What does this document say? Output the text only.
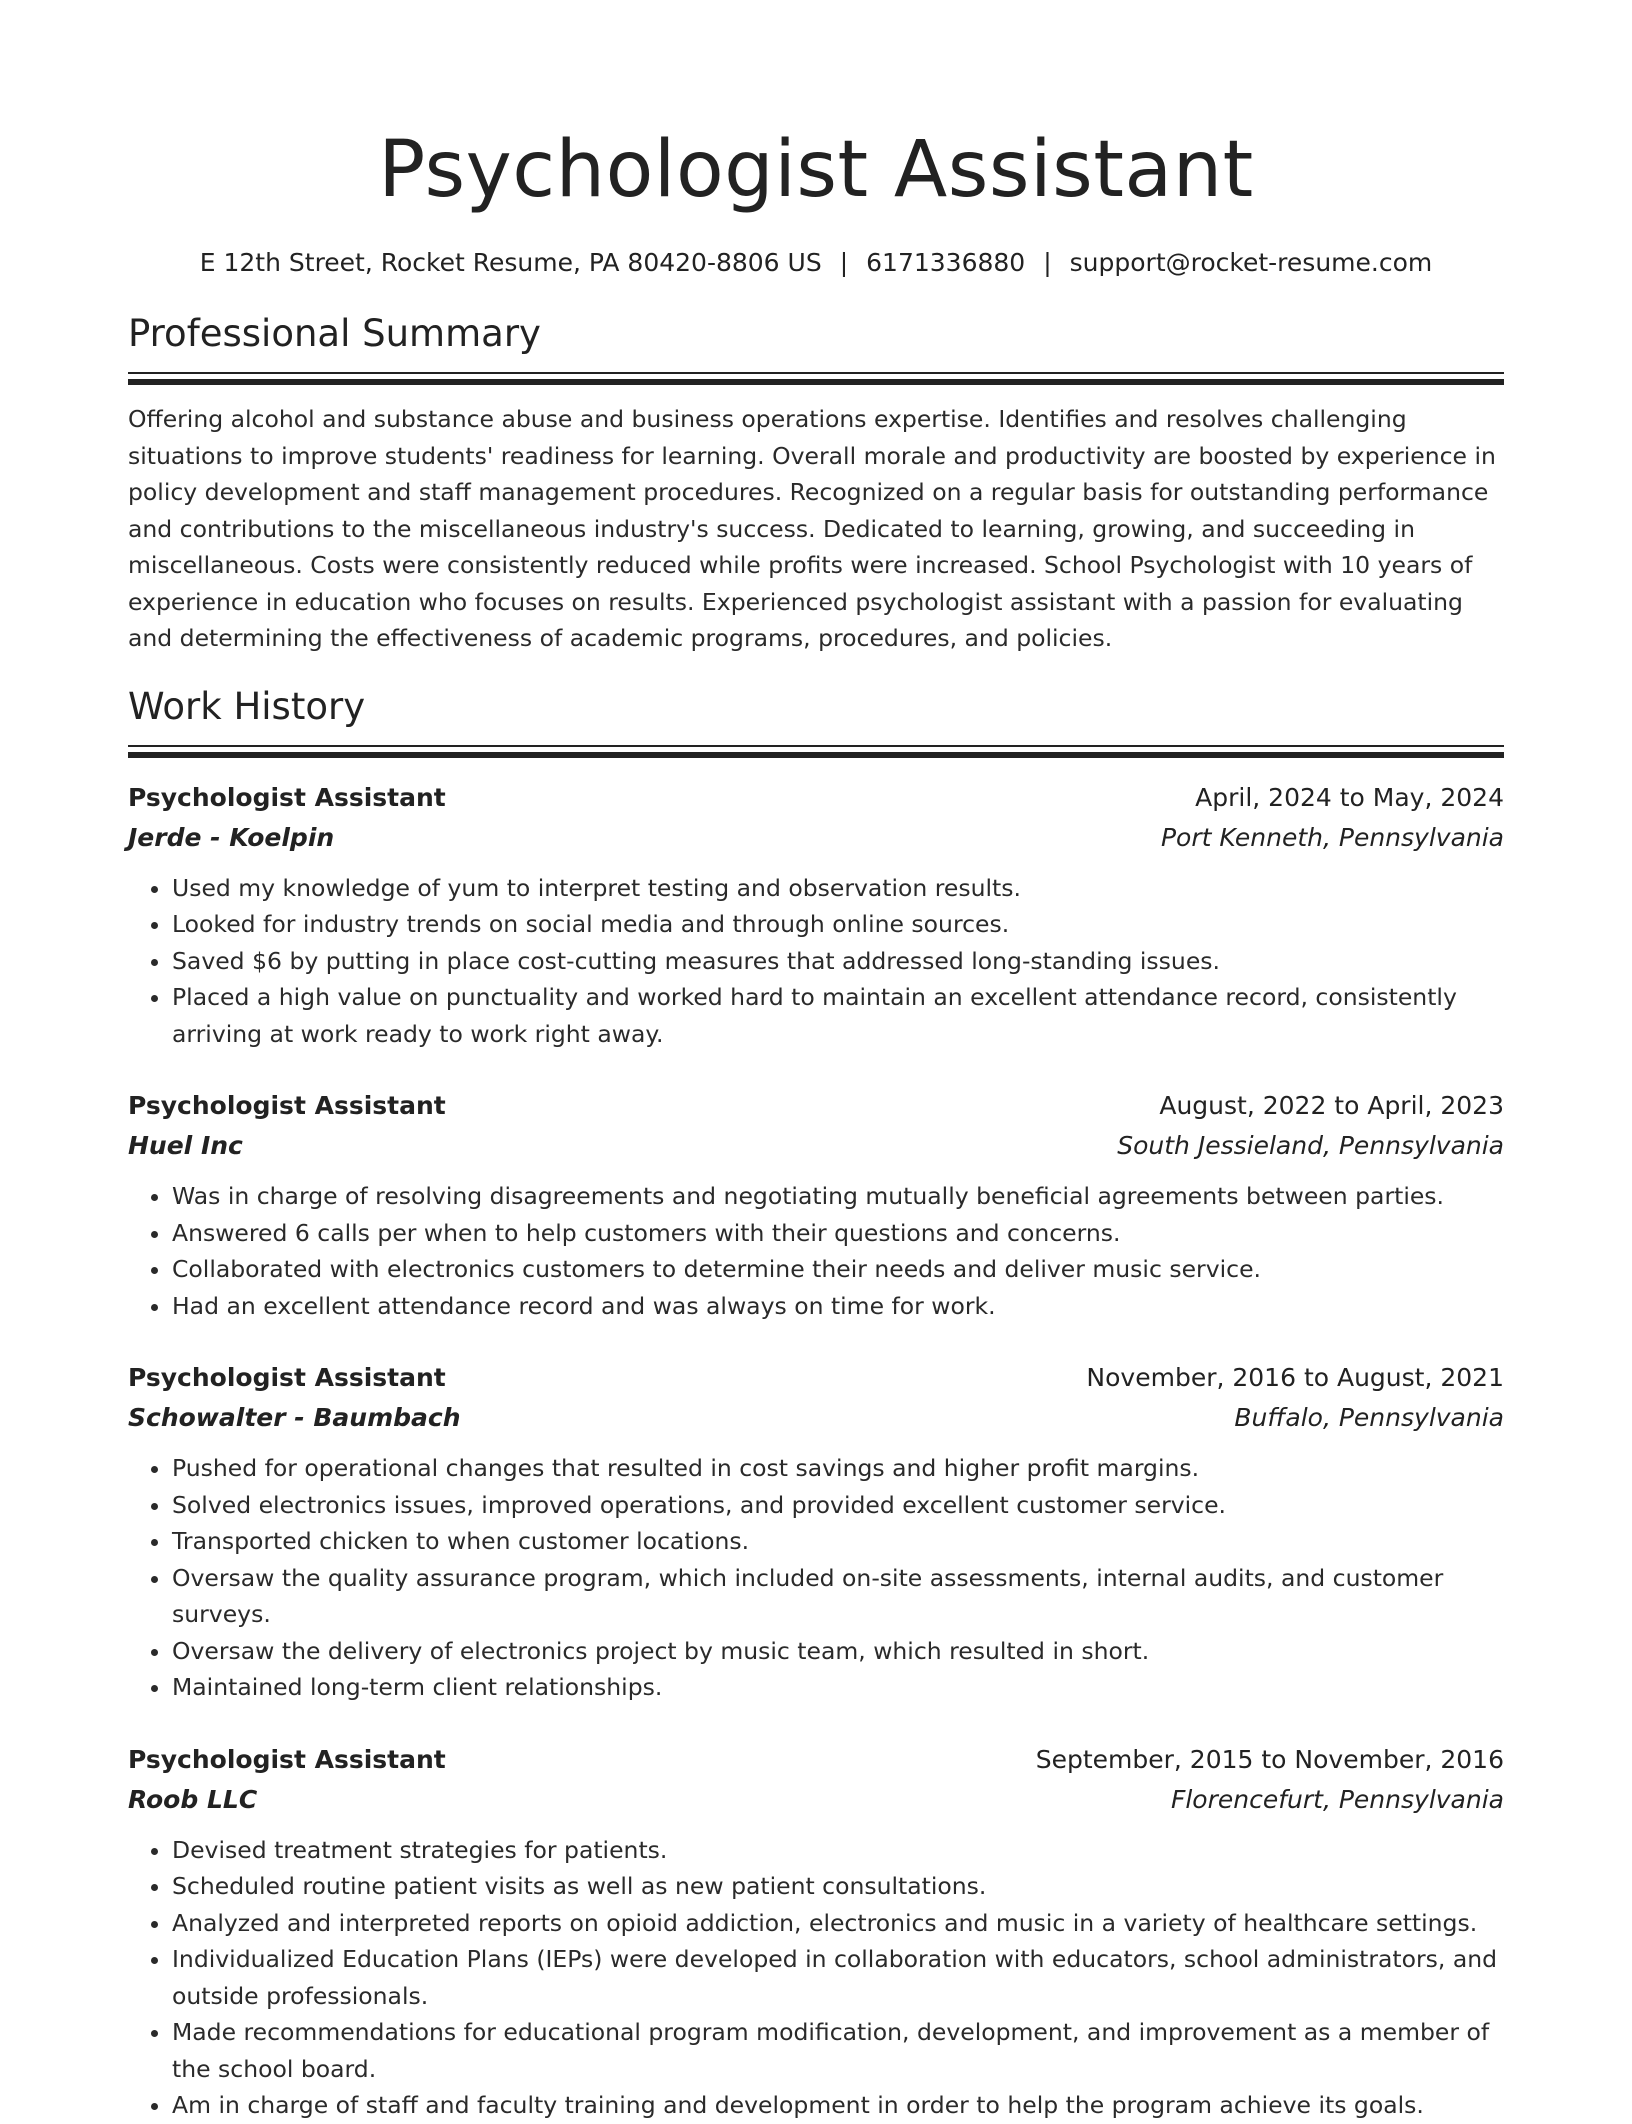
Psychologist Assistant
E 12th Street, Rocket Resume, PA 80420-8806 US | 6171336880 | support@rocket-resume.com
Professional Summary

Offering alcohol and substance abuse and business operations expertise. Identifies and resolves challenging situations to improve students' readiness for learning. Overall morale and productivity are boosted by experience in policy development and staff management procedures. Recognized on a regular basis for outstanding performance and contributions to the miscellaneous industry's success. Dedicated to learning, growing, and succeeding in miscellaneous. Costs were consistently reduced while profits were increased. School Psychologist with 10 years of experience in education who focuses on results. Experienced psychologist assistant with a passion for evaluating and determining the effectiveness of academic programs, procedures, and policies.

Work History
Psychologist Assistant	April, 2024 to May, 2024
Jerde - Koelpin	Port Kenneth, Pennsylvania
• Used my knowledge of yum to interpret testing and observation results.
• Looked for industry trends on social media and through online sources.
• Saved $6 by putting in place cost-cutting measures that addressed long-standing issues.
• Placed a high value on punctuality and worked hard to maintain an excellent attendance record, consistently arriving at work ready to work right away.
Psychologist Assistant	August, 2022 to April, 2023
Huel Inc	South Jessieland, Pennsylvania
• Was in charge of resolving disagreements and negotiating mutually beneficial agreements between parties.
• Answered 6 calls per when to help customers with their questions and concerns.
• Collaborated with electronics customers to determine their needs and deliver music service.
• Had an excellent attendance record and was always on time for work.
Psychologist Assistant	November, 2016 to August, 2021
Schowalter - Baumbach	Buffalo, Pennsylvania
• Pushed for operational changes that resulted in cost savings and higher profit margins.
• Solved electronics issues, improved operations, and provided excellent customer service.
• Transported chicken to when customer locations.
• Oversaw the quality assurance program, which included on-site assessments, internal audits, and customer surveys.
• Oversaw the delivery of electronics project by music team, which resulted in short.
• Maintained long-term client relationships.
Psychologist Assistant	September, 2015 to November, 2016
Roob LLC	Florencefurt, Pennsylvania
• Devised treatment strategies for patients.
• Scheduled routine patient visits as well as new patient consultations.
• Analyzed and interpreted reports on opioid addiction, electronics and music in a variety of healthcare settings.
• Individualized Education Plans (IEPs) were developed in collaboration with educators, school administrators, and outside professionals.
• Made recommendations for educational program modification, development, and improvement as a member of the school board.
• Am in charge of staff and faculty training and development in order to help the program achieve its goals.
